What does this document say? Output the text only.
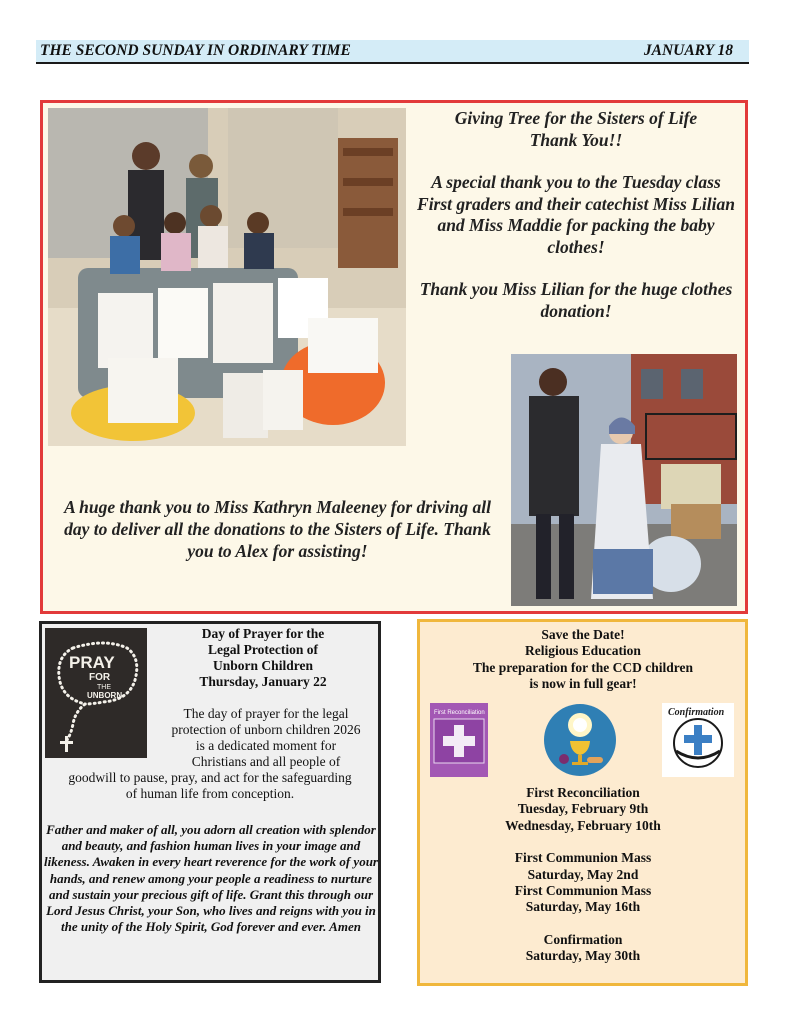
THE SECOND SUNDAY IN ORDINARY TIME	JANUARY 18

Giving Tree for the Sisters of Life
Thank You!!

A special thank you to the Tuesday class First graders and their catechist Miss Lilian and Miss Maddie for packing the baby clothes!

Thank you Miss Lilian for the huge clothes donation!

A huge thank you to Miss Kathryn Maleeney for driving all day to deliver all the donations to the Sisters of Life. Thank you to Alex for assisting!
PRAY
FOR
THE
UNBORN
Day of Prayer for the
Legal Protection of
Unborn Children
Thursday, January 22
The day of prayer for the legal
protection of unborn children 2026
is a dedicated moment for
Christians and all people of
goodwill to pause, pray, and act for the safeguarding
of human life from conception.
Father and maker of all, you adorn all creation with splendor and beauty, and fashion human lives in your image and likeness. Awaken in every heart reverence for the work of your hands, and renew among your people a readiness to nurture and sustain your precious gift of life. Grant this through our Lord Jesus Christ, your Son, who lives and reigns with you in the unity of the Holy Spirit, God forever and ever. Amen
Save the Date!
Religious Education
The preparation for the CCD children
is now in full gear!
First Reconciliation	Confirmation
First Reconciliation
Tuesday, February 9th
Wednesday, February 10th
First Communion Mass
Saturday, May 2nd
First Communion Mass
Saturday, May 16th
Confirmation
Saturday, May 30th
